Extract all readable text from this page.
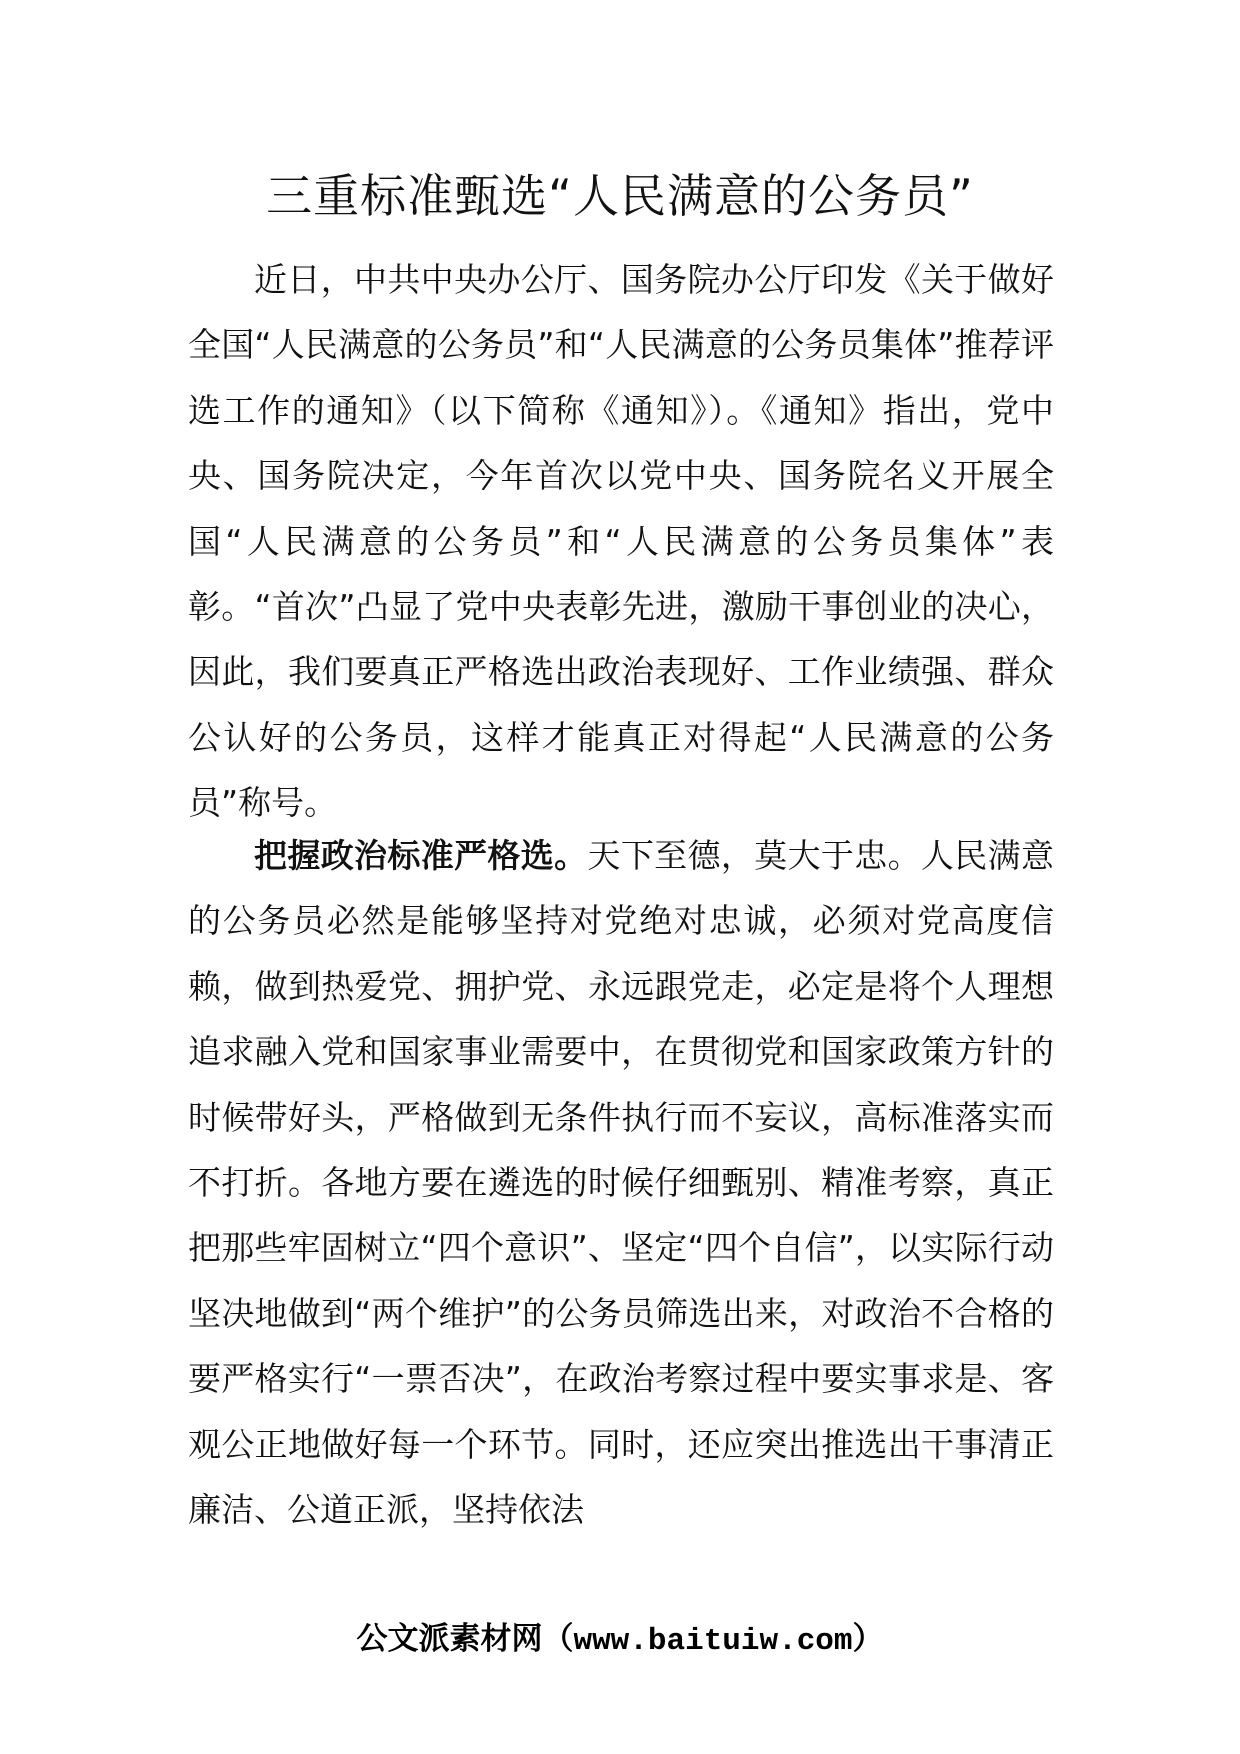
三重标准甄选“人民满意的公务员”

近日，中共中央办公厅、国务院办公厅印发《关于做好全国“人民满意的公务员”和“人民满意的公务员集体”推荐评选工作的通知》（以下简称《通知》）。《通知》指出，党中央、国务院决定，今年首次以党中央、国务院名义开展全国“人民满意的公务员”和“人民满意的公务员集体”表彰。“首次”凸显了党中央表彰先进，激励干事创业的决心，因此，我们要真正严格选出政治表现好、工作业绩强、群众公认好的公务员，这样才能真正对得起“人民满意的公务员”称号。

把握政治标准严格选。天下至德，莫大于忠。人民满意的公务员必然是能够坚持对党绝对忠诚，必须对党高度信赖，做到热爱党、拥护党、永远跟党走，必定是将个人理想追求融入党和国家事业需要中，在贯彻党和国家政策方针的时候带好头，严格做到无条件执行而不妄议，高标准落实而不打折。各地方要在遴选的时候仔细甄别、精准考察，真正把那些牢固树立“四个意识”、坚定“四个自信”，以实际行动坚决地做到“两个维护”的公务员筛选出来，对政治不合格的要严格实行“一票否决”，在政治考察过程中要实事求是、客观公正地做好每一个环节。同时，还应突出推选出干事清正廉洁、公道正派，坚持依法

公文派素材网（www.baituiw.com）
